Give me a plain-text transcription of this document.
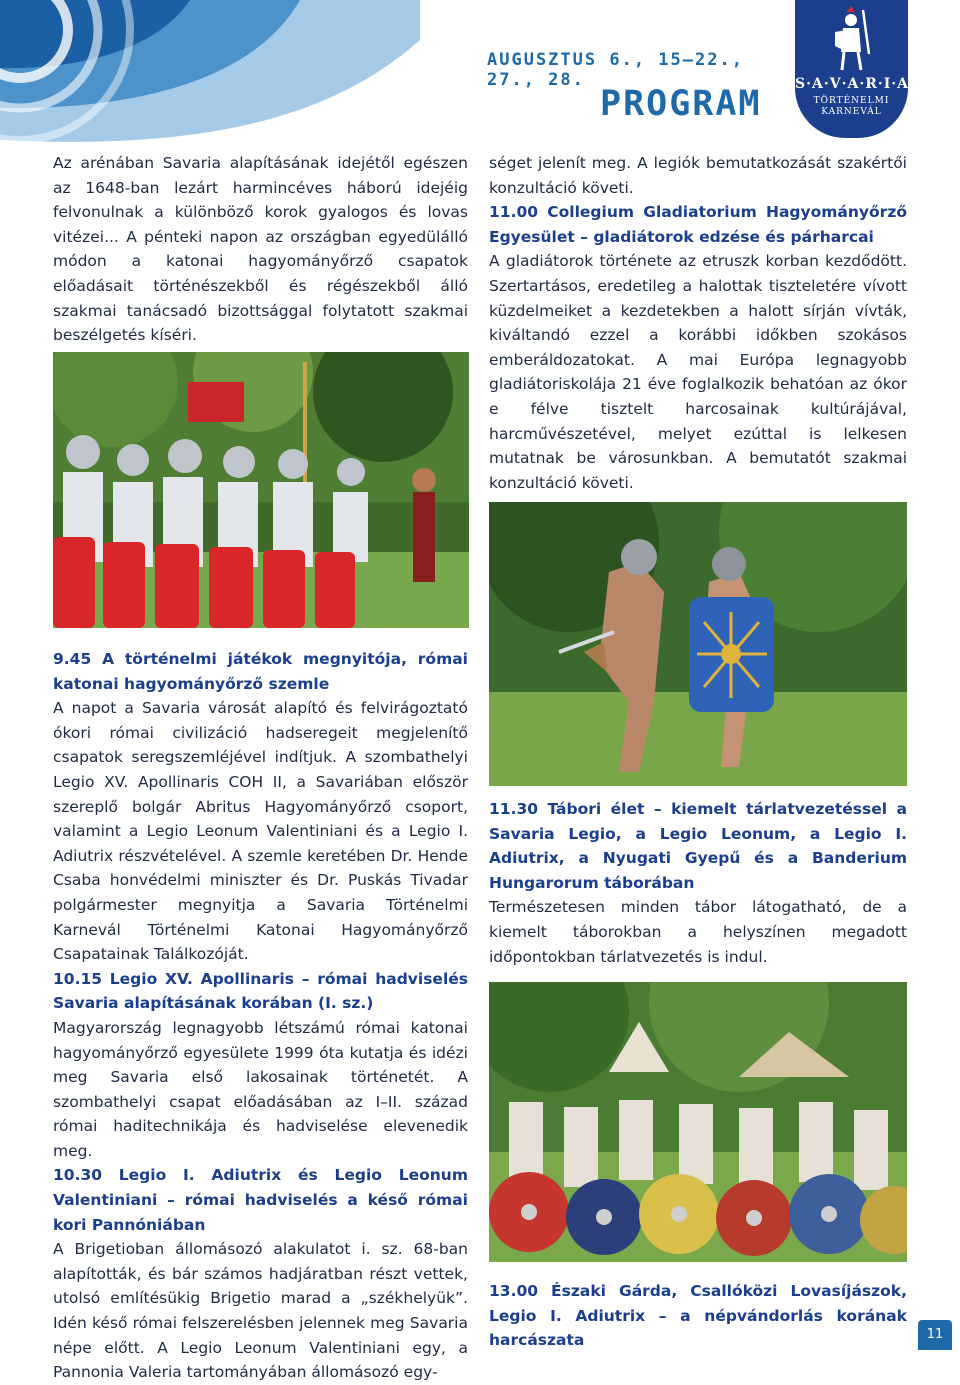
AUGUSZTUS 6., 15–22., 27., 28.
PROGRAM S·A·V·A·R·I·A
TÖRTÉNELMI
KARNEVÁL

Az arénában Savaria alapításának idejétől egészen az 1648-ban lezárt harmincéves háború idejéig felvonulnak a különböző korok gyalogos és lovas vitézei... A pénteki napon az országban egyedülálló módon a katonai hagyományőrző csapatok előadásait történészekből és régészekből álló szakmai tanácsadó bizottsággal folytatott szakmai beszélgetés kíséri.

9.45 A történelmi játékok megnyitója, római katonai hagyományőrző szemle

A napot a Savaria városát alapító és felvirágoztató ókori római civilizáció hadseregeit megjelenítő csapatok seregszemléjével indítjuk. A szombathelyi Legio XV. Apollinaris COH II, a Savariában először szereplő bolgár Abritus Hagyományőrző csoport, valamint a Legio Leonum Valentiniani és a Legio I. Adiutrix részvételével. A szemle keretében Dr. Hende Csaba honvédelmi miniszter és Dr. Puskás Tivadar polgármester megnyitja a Savaria Történelmi Karnevál Történelmi Katonai Hagyományőrző Csapatainak Találkozóját.

10.15 Legio XV. Apollinaris – római hadviselés Savaria alapításának korában (I. sz.)

Magyarország legnagyobb létszámú római katonai hagyományőrző egyesülete 1999 óta kutatja és idézi meg Savaria első lakosainak történetét. A szombathelyi csapat előadásában az I–II. század római haditechnikája és hadviselése elevenedik meg.

10.30 Legio I. Adiutrix és Legio Leonum Valentiniani – római hadviselés a késő római kori Pannóniában

A Brigetioban állomásozó alakulatot i. sz. 68-ban alapították, és bár számos hadjáratban részt vettek, utolsó említésükig Brigetio marad a „székhelyük”. Idén késő római felszerelésben jelennek meg Savaria népe előtt. A Legio Leonum Valentiniani egy, a Pannonia Valeria tartományában állomásozó egy-

séget jelenít meg. A legiók bemutatkozását szakértői konzultáció követi.

11.00 Collegium Gladiatorium Hagyományőrző Egyesület – gladiátorok edzése és párharcai

A gladiátorok története az etruszk korban kezdődött. Szertartásos, eredetileg a halottak tiszteletére vívott küzdelmeiket a kezdetekben a halott sírján vívták, kiváltandó ezzel a korábbi időkben szokásos emberáldozatokat. A mai Európa legnagyobb gladiátoriskolája 21 éve foglalkozik behatóan az ókor e félve tisztelt harcosainak kultúrájával, harcművészetével, melyet ezúttal is lelkesen mutatnak be városunkban. A bemutatót szakmai konzultáció követi.

11.30 Tábori élet – kiemelt tárlatvezetéssel a Savaria Legio, a Legio Leonum, a Legio I. Adiutrix, a Nyugati Gyepű és a Banderium Hungarorum táborában

Természetesen minden tábor látogatható, de a kiemelt táborokban a helyszínen megadott időpontokban tárlatvezetés is indul.

13.00 Északi Gárda, Csallóközi Lovasíjászok, Legio I. Adiutrix – a népvándorlás korának harcászata	11
